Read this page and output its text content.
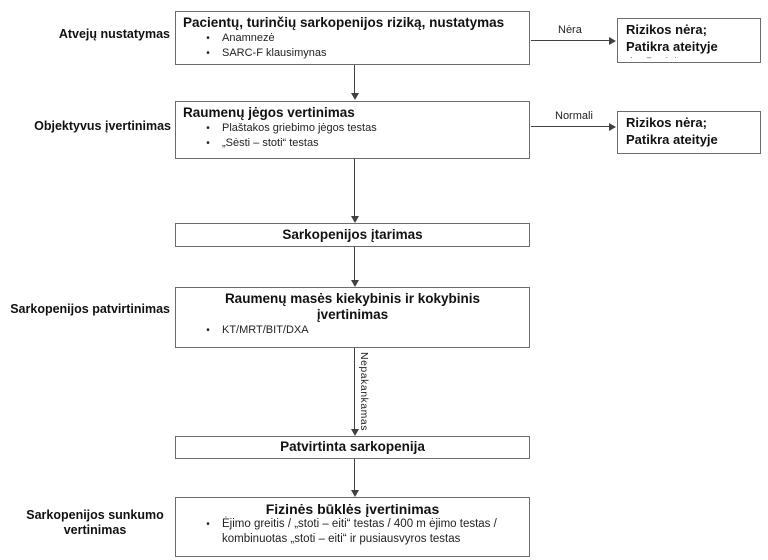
Atvejų nustatymas
Objektyvus įvertinimas
Sarkopenijos patvirtinimas
Sarkopenijos sunkumo vertinimas
Pacientų, turinčių sarkopenijos riziką, nustatymas
• Anamnezė
• SARC-F klausimynas
Raumenų jėgos vertinimas
• Plaštakos griebimo jėgos testas
• „Sėsti – stoti“ testas
Sarkopenijos įtarimas
Raumenų masės kiekybinis ir kokybinis
įvertinimas
• KT/MRT/BIT/DXA
Patvirtinta sarkopenija
Fizinės būklės įvertinimas
• Ėjimo greitis / „stoti – eiti“ testas / 400 m ėjimo testas /
kombinuotas „stoti – eiti“ ir pusiausvyros testas
Rizikos nėra;
Patikra ateityje
· ‒ ··
Rizikos nėra;
Patikra ateityje
Nepakankamas
Nėra
Normali
